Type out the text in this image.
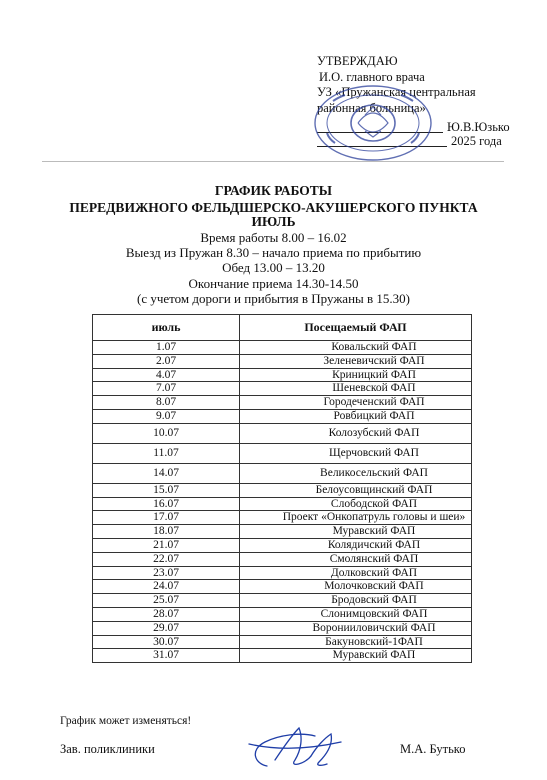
УТВЕРЖДАЮ
И.О. главного врача
УЗ «Пружанская центральная
районная больница»
Ю.В.Юзько
2025 года
ГРАФИК РАБОТЫ
ПЕРЕДВИЖНОГО ФЕЛЬДШЕРСКО-АКУШЕРСКОГО ПУНКТА
ИЮЛЬ
Время работы 8.00 – 16.02
Выезд из Пружан 8.30 – начало приема по прибытию
Обед 13.00 – 13.20
Окончание приема 14.30-14.50
(с учетом дороги и прибытия в Пружаны в 15.30)
июль	Посещаемый ФАП
1.07	Ковальский ФАП
2.07	Зеленевичский ФАП
4.07	Криницкий ФАП
7.07	Шеневской ФАП
8.07	Городеченский ФАП
9.07	Ровбицкий ФАП
10.07	Колозубский ФАП
11.07	Щерчовский ФАП
14.07	Великосельский ФАП
15.07	Белоусовщинский ФАП
16.07	Слободской ФАП
17.07	Проект «Онкопатруль головы и шеи»
18.07	Муравский ФАП
21.07	Колядичский ФАП
22.07	Смолянский ФАП
23.07	Долковский ФАП
24.07	Молочковский ФАП
25.07	Бродовский ФАП
28.07	Слонимцовский ФАП
29.07	Воронииловичский ФАП
30.07	Бакуновский-1ФАП
31.07	Муравский ФАП
График может изменяться!
Зав. поликлиники	М.А. Бутько
